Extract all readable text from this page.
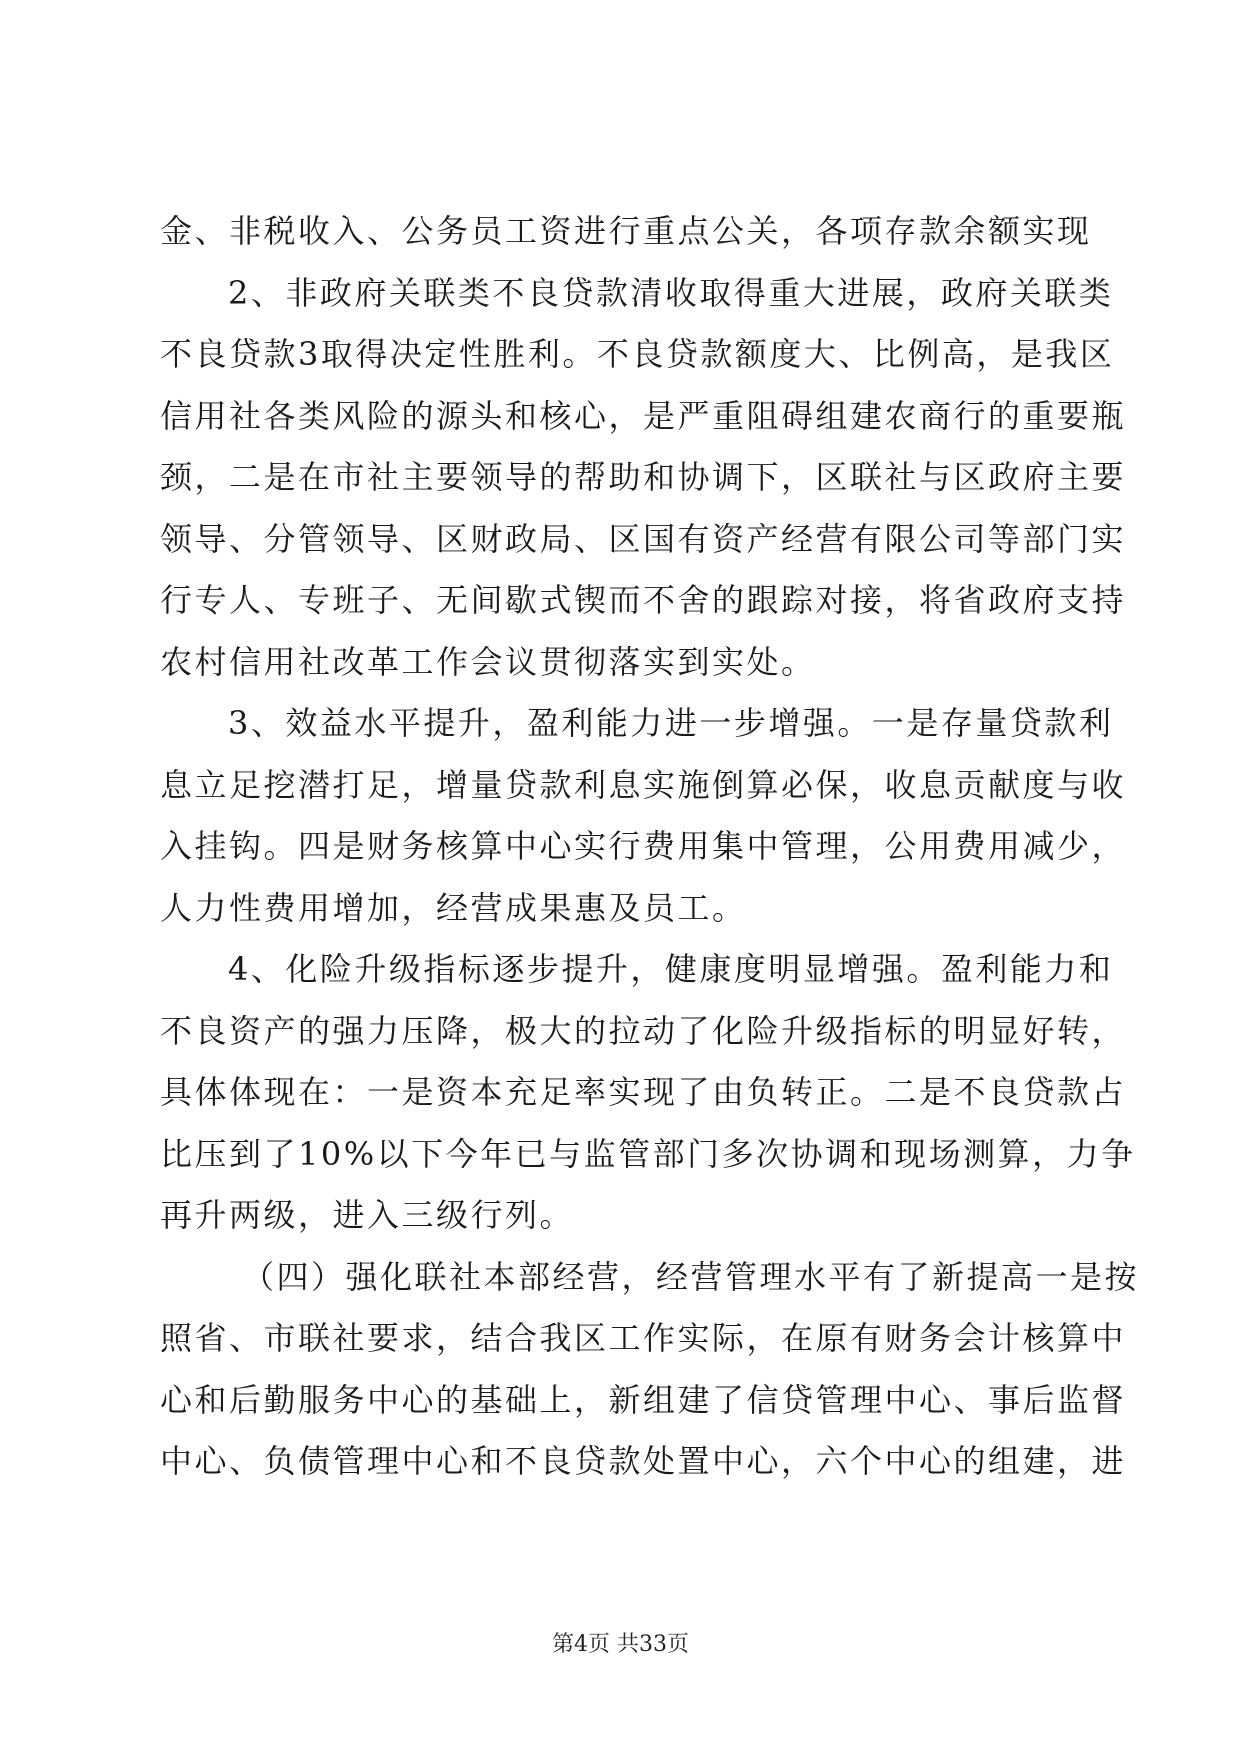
金、非税收入、公务员工资进行重点公关，各项存款余额实现
2、非政府关联类不良贷款清收取得重大进展，政府关联类
不良贷款3取得决定性胜利。不良贷款额度大、比例高，是我区
信用社各类风险的源头和核心，是严重阻碍组建农商行的重要瓶
颈，二是在市社主要领导的帮助和协调下，区联社与区政府主要
领导、分管领导、区财政局、区国有资产经营有限公司等部门实
行专人、专班子、无间歇式锲而不舍的跟踪对接，将省政府支持
农村信用社改革工作会议贯彻落实到实处。
3、效益水平提升，盈利能力进一步增强。一是存量贷款利
息立足挖潜打足，增量贷款利息实施倒算必保，收息贡献度与收
入挂钩。四是财务核算中心实行费用集中管理，公用费用减少，
人力性费用增加，经营成果惠及员工。
4、化险升级指标逐步提升，健康度明显增强。盈利能力和
不良资产的强力压降，极大的拉动了化险升级指标的明显好转，
具体体现在：一是资本充足率实现了由负转正。二是不良贷款占
比压到了10%以下今年已与监管部门多次协调和现场测算，力争
再升两级，进入三级行列。
（四）强化联社本部经营，经营管理水平有了新提高一是按
照省、市联社要求，结合我区工作实际，在原有财务会计核算中
心和后勤服务中心的基础上，新组建了信贷管理中心、事后监督
中心、负债管理中心和不良贷款处置中心，六个中心的组建，进
第4页 共33页
